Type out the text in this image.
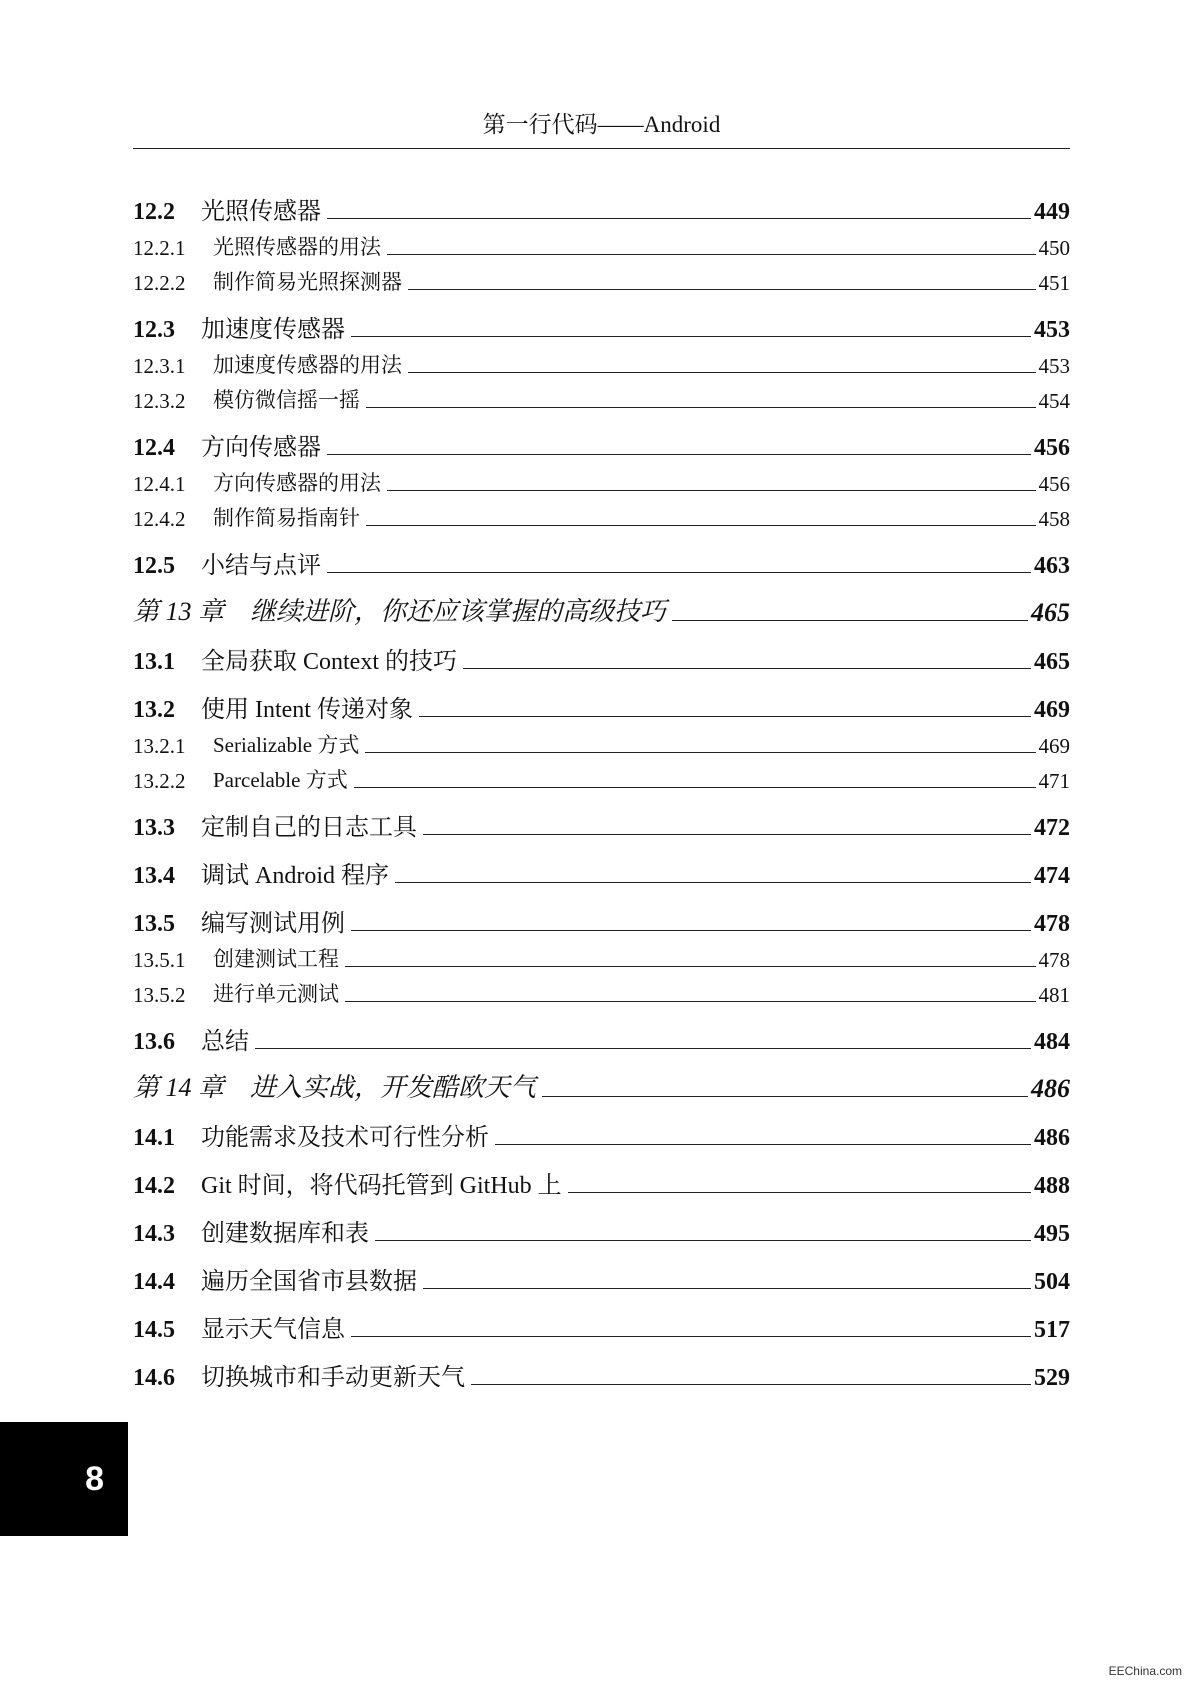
第一行代码——Android
12.2	光照传感器	449
12.2.1	光照传感器的用法	450
12.2.2	制作简易光照探测器	451
12.3	加速度传感器	453
12.3.1	加速度传感器的用法	453
12.3.2	模仿微信摇一摇	454
12.4	方向传感器	456
12.4.1	方向传感器的用法	456
12.4.2	制作简易指南针	458
12.5	小结与点评	463
第 13 章	继续进阶，你还应该掌握的高级技巧	465
13.1	全局获取 Context 的技巧	465
13.2	使用 Intent 传递对象	469
13.2.1	Serializable 方式	469
13.2.2	Parcelable 方式	471
13.3	定制自己的日志工具	472
13.4	调试 Android 程序	474
13.5	编写测试用例	478
13.5.1	创建测试工程	478
13.5.2	进行单元测试	481
13.6	总结	484
第 14 章	进入实战，开发酷欧天气	486
14.1	功能需求及技术可行性分析	486
14.2	Git 时间，将代码托管到 GitHub 上	488
14.3	创建数据库和表	495
14.4	遍历全国省市县数据	504
14.5	显示天气信息	517
14.6	切换城市和手动更新天气	529
8
EEChina.com
